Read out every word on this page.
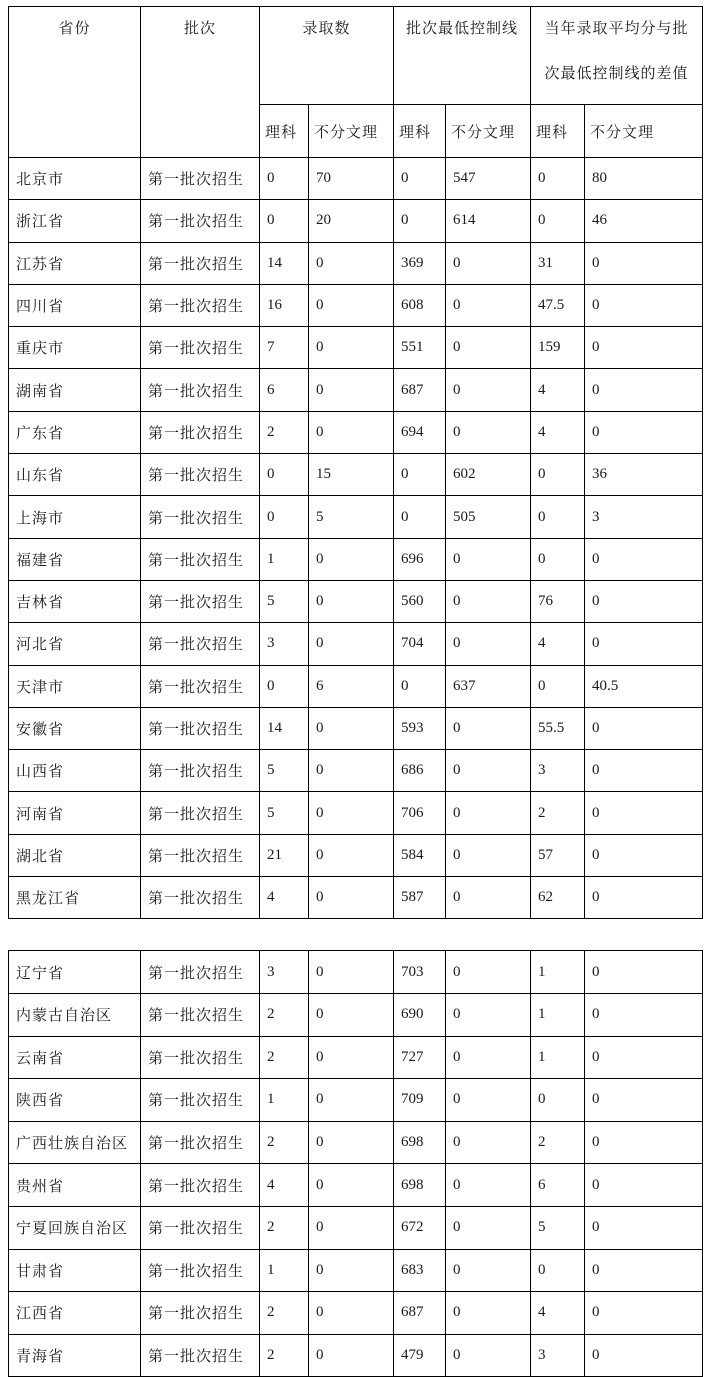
省份	批次	录取数		批次最低控制线		当年录取平均分与批
次最低控制线的差值	

		理科	不分文理	理科	不分文理	理科	不分文理
北京市	第一批次招生	0	70	0	547	0	80
浙江省	第一批次招生	0	20	0	614	0	46
江苏省	第一批次招生	14	0	369	0	31	0
四川省	第一批次招生	16	0	608	0	47.5	0
重庆市	第一批次招生	7	0	551	0	159	0
湖南省	第一批次招生	6	0	687	0	4	0
广东省	第一批次招生	2	0	694	0	4	0
山东省	第一批次招生	0	15	0	602	0	36
上海市	第一批次招生	0	5	0	505	0	3
福建省	第一批次招生	1	0	696	0	0	0
吉林省	第一批次招生	5	0	560	0	76	0
河北省	第一批次招生	3	0	704	0	4	0
天津市	第一批次招生	0	6	0	637	0	40.5
安徽省	第一批次招生	14	0	593	0	55.5	0
山西省	第一批次招生	5	0	686	0	3	0
河南省	第一批次招生	5	0	706	0	2	0
湖北省	第一批次招生	21	0	584	0	57	0
黑龙江省	第一批次招生	4	0	587	0	62	0
辽宁省	第一批次招生	3	0	703	0	1	0
内蒙古自治区	第一批次招生	2	0	690	0	1	0
云南省	第一批次招生	2	0	727	0	1	0
陕西省	第一批次招生	1	0	709	0	0	0
广西壮族自治区	第一批次招生	2	0	698	0	2	0
贵州省	第一批次招生	4	0	698	0	6	0
宁夏回族自治区	第一批次招生	2	0	672	0	5	0
甘肃省	第一批次招生	1	0	683	0	0	0
江西省	第一批次招生	2	0	687	0	4	0
青海省	第一批次招生	2	0	479	0	3	0
